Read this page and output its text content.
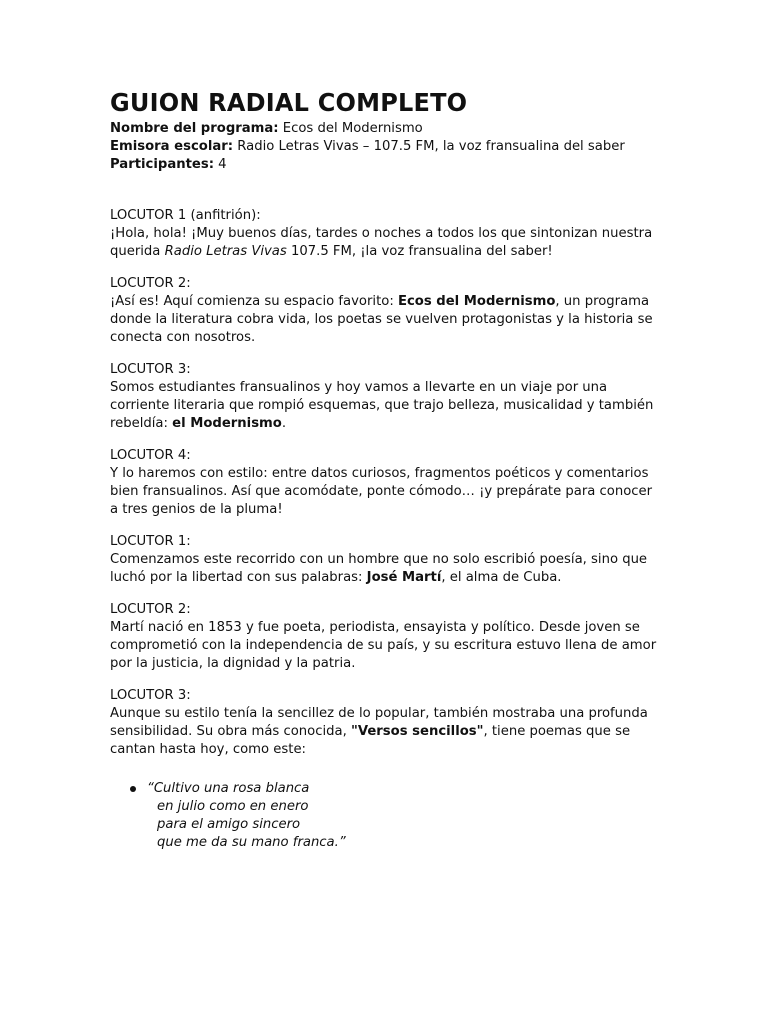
GUION RADIAL COMPLETO

Nombre del programa: Ecos del Modernismo

Emisora escolar: Radio Letras Vivas – 107.5 FM, la voz fransualina del saber

Participantes: 4

LOCUTOR 1 (anfitrión):

¡Hola, hola! ¡Muy buenos días, tardes o noches a todos los que sintonizan nuestra querida Radio Letras Vivas 107.5 FM, ¡la voz fransualina del saber!

LOCUTOR 2:

¡Así es! Aquí comienza su espacio favorito: Ecos del Modernismo, un programa donde la literatura cobra vida, los poetas se vuelven protagonistas y la historia se conecta con nosotros.

LOCUTOR 3:

Somos estudiantes fransualinos y hoy vamos a llevarte en un viaje por una corriente literaria que rompió esquemas, que trajo belleza, musicalidad y también rebeldía: el Modernismo.

LOCUTOR 4:

Y lo haremos con estilo: entre datos curiosos, fragmentos poéticos y comentarios bien fransualinos. Así que acomódate, ponte cómodo… ¡y prepárate para conocer a tres genios de la pluma!

LOCUTOR 1:

Comenzamos este recorrido con un hombre que no solo escribió poesía, sino que luchó por la libertad con sus palabras: José Martí, el alma de Cuba.

LOCUTOR 2:

Martí nació en 1853 y fue poeta, periodista, ensayista y político. Desde joven se comprometió con la independencia de su país, y su escritura estuvo llena de amor por la justicia, la dignidad y la patria.

LOCUTOR 3:

Aunque su estilo tenía la sencillez de lo popular, también mostraba una profunda sensibilidad. Su obra más conocida, "Versos sencillos", tiene poemas que se cantan hasta hoy, como este:

“Cultivo una rosa blanca

en julio como en enero

para el amigo sincero

que me da su mano franca.”
